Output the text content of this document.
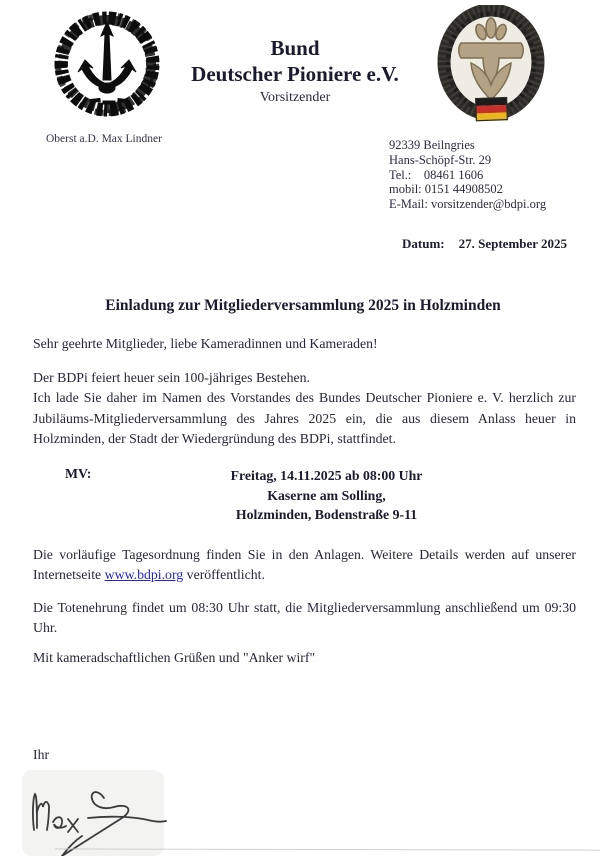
Bund
Deutscher Pioniere e.V.
Vorsitzender
Oberst a.D. Max Lindner	92339 Beilngries
Hans-Schöpf-Str. 29
Tel.:    08461 1606
mobil: 0151 44908502
E-Mail: vorsitzender@bdpi.org

Datum: 27. September 2025

Einladung zur Mitgliederversammlung 2025 in Holzminden
Sehr geehrte Mitglieder, liebe Kameradinnen und Kameraden!
Der BDPi feiert heuer sein 100-jähriges Bestehen.
Ich lade Sie daher im Namen des Vorstandes des Bundes Deutscher Pioniere e. V. herzlich zur Jubiläums-Mitgliederversammlung des Jahres 2025 ein, die aus diesem Anlass heuer in Holzminden, der Stadt der Wiedergründung des BDPi, stattfindet.
MV:	Freitag, 14.11.2025 ab 08:00 Uhr
Kaserne am Solling,
Holzminden, Bodenstraße 9-11
Die vorläufige Tagesordnung finden Sie in den Anlagen. Weitere Details werden auf unserer Internetseite www.bdpi.org veröffentlicht.
Die Totenehrung findet um 08:30 Uhr statt, die Mitgliederversammlung anschließend um 09:30 Uhr.
Mit kameradschaftlichen Grüßen und "Anker wirf"
Ihr
